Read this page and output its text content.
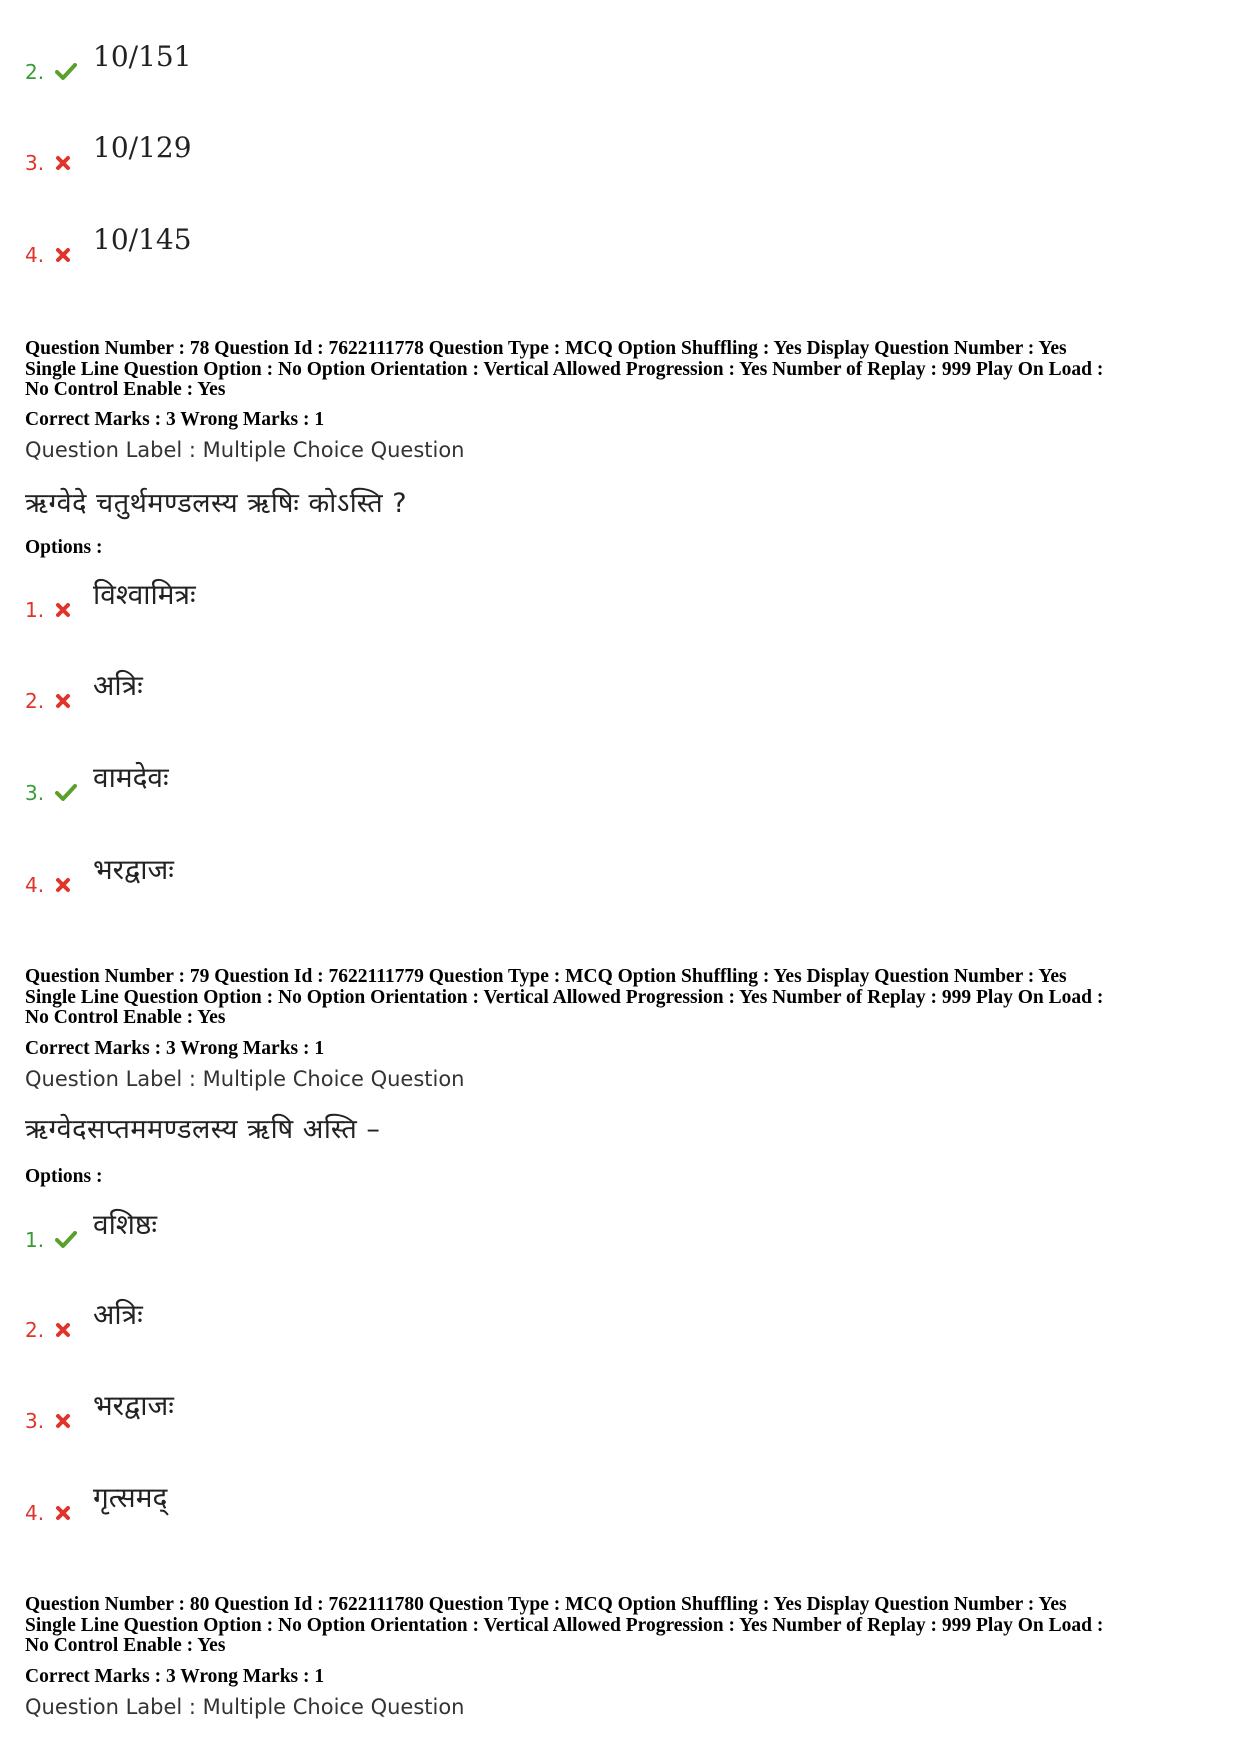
2.	10/151
3.	10/129
4.	10/145
Question Number : 78 Question Id : 7622111778 Question Type : MCQ Option Shuffling : Yes Display Question Number : Yes
Single Line Question Option : No Option Orientation : Vertical Allowed Progression : Yes Number of Replay : 999 Play On Load :
No Control Enable : Yes
Correct Marks : 3 Wrong Marks : 1
Question Label : Multiple Choice Question
ऋग्वेदे चतुर्थमण्डलस्य ऋषिः कोऽस्ति ?
Options :
1.	विश्वामित्रः
2.	अत्रिः
3.	वामदेवः
4.	भरद्वाजः
Question Number : 79 Question Id : 7622111779 Question Type : MCQ Option Shuffling : Yes Display Question Number : Yes
Single Line Question Option : No Option Orientation : Vertical Allowed Progression : Yes Number of Replay : 999 Play On Load :
No Control Enable : Yes
Correct Marks : 3 Wrong Marks : 1
Question Label : Multiple Choice Question
ऋग्वेदसप्तममण्डलस्य ऋषि अस्ति –
Options :
1.	वशिष्ठः
2.	अत्रिः
3.	भरद्वाजः
4.	गृत्समद्
Question Number : 80 Question Id : 7622111780 Question Type : MCQ Option Shuffling : Yes Display Question Number : Yes
Single Line Question Option : No Option Orientation : Vertical Allowed Progression : Yes Number of Replay : 999 Play On Load :
No Control Enable : Yes
Correct Marks : 3 Wrong Marks : 1
Question Label : Multiple Choice Question
